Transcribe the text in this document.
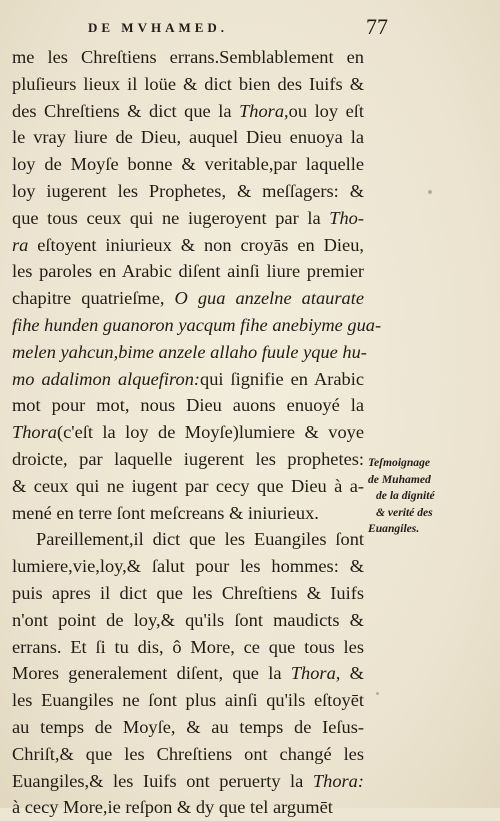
DE MVHAMED.	77
me les Chreſtiens errans.Semblablement en
pluſieurs lieux il loüe & dict bien des Iuifs &
des Chreſtiens & dict que la Thora,ou loy eſt
le vray liure de Dieu, auquel Dieu enuoya la
loy de Moyſe bonne & veritable,par laquelle
loy iugerent les Prophetes, & meſſagers: &
que tous ceux qui ne iugeroyent par la Tho-
ra eſtoyent iniurieux & non croyās en Dieu,
les paroles en Arabic diſent ainſi liure premier
chapitre quatrieſme, O gua anzelne ataurate
fihe hunden guanoron yacqum fihe anebiyme gua-
melen yahcun,bime anzele allaho fuule yque hu-
mo adalimon alquefiron:qui ſignifie en Arabic
mot pour mot, nous Dieu auons enuoyé la
Thora(c'eſt la loy de Moyſe)lumiere & voye
droicte, par laquelle iugerent les prophetes:
& ceux qui ne iugent par cecy que Dieu à a-
mené en terre ſont meſcreans & iniurieux.
Pareillement,il dict que les Euangiles ſont
lumiere,vie,loy,& ſalut pour les hommes: &
puis apres il dict que les Chreſtiens & Iuifs
n'ont point de loy,& qu'ils ſont maudicts &
errans. Et ſi tu dis, ô More, ce que tous les
Mores generalement diſent, que la Thora, &
les Euangiles ne ſont plus ainſi qu'ils eſtoyēt
au temps de Moyſe, & au temps de Ieſus-
Chriſt,& que les Chreſtiens ont changé les
Euangiles,& les Iuifs ont peruerty la Thora:
à cecy More,ie reſpon & dy que tel argumēt
Teſmoignage
de Muhamed
de la dignité
& verité des
Euangiles.
